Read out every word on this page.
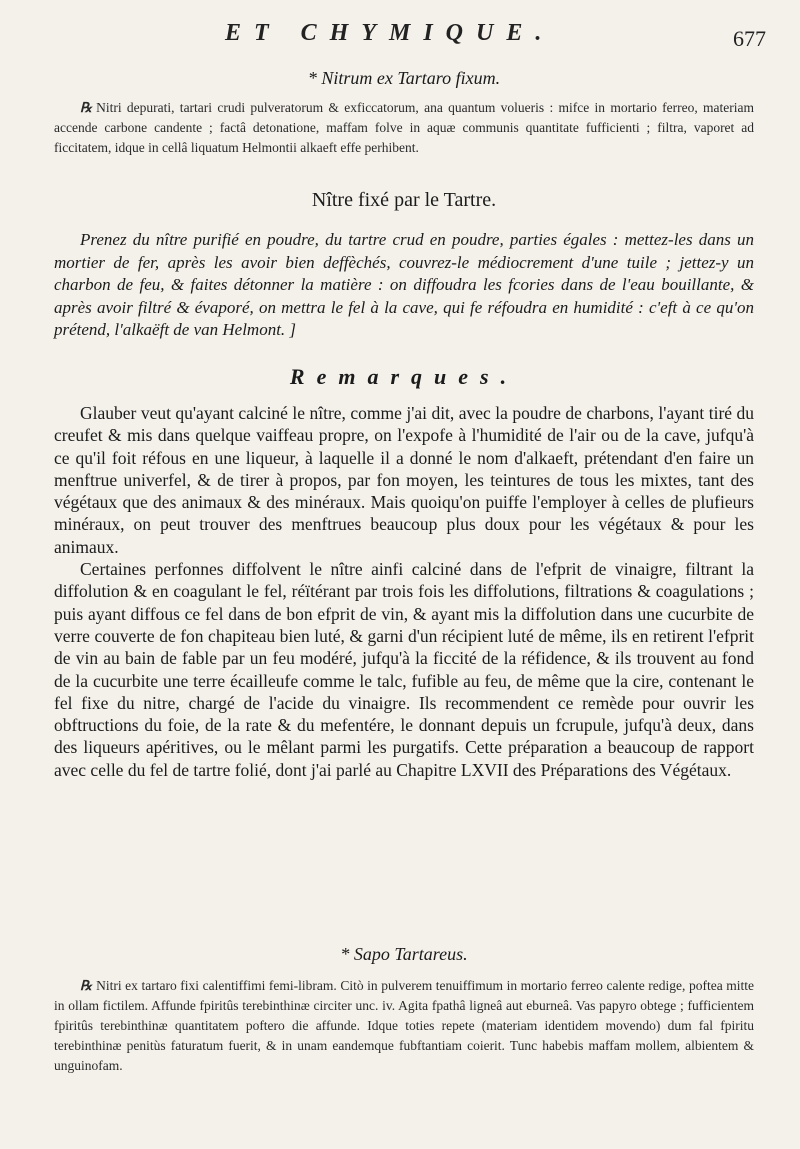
ET CHYMIQUE.	677

* Nitrum ex Tartaro fixum.

℞ Nitri depurati, tartari crudi pulveratorum & exficcatorum, ana quantum volueris : mifce in mortario ferreo, materiam accende carbone candente ; factâ detonatione, maffam folve in aquæ communis quantitate fufficienti ; filtra, vaporet ad ficcitatem, idque in cellâ liquatum Helmontii alkaeft effe perhibent.

Nître fixé par le Tartre.

Prenez du nître purifié en poudre, du tartre crud en poudre, parties égales : mettez-les dans un mortier de fer, après les avoir bien deffèchés, couvrez-le médiocrement d'une tuile ; jettez-y un charbon de feu, & faites détonner la matière : on diffoudra les fcories dans de l'eau bouillante, & après avoir filtré & évaporé, on mettra le fel à la cave, qui fe réfoudra en humidité : c'eft à ce qu'on prétend, l'alkaëft de van Helmont. ]

Remarques.

Glauber veut qu'ayant calciné le nître, comme j'ai dit, avec la poudre de charbons, l'ayant tiré du creufet & mis dans quelque vaiffeau propre, on l'expofe à l'humidité de l'air ou de la cave, jufqu'à ce qu'il foit réfous en une liqueur, à laquelle il a donné le nom d'alkaeft, prétendant d'en faire un menftrue univerfel, & de tirer à propos, par fon moyen, les teintures de tous les mixtes, tant des végétaux que des animaux & des minéraux. Mais quoiqu'on puiffe l'employer à celles de plufieurs minéraux, on peut trouver des menftrues beaucoup plus doux pour les végétaux & pour les animaux.

Certaines perfonnes diffolvent le nître ainfi calciné dans de l'efprit de vinaigre, filtrant la diffolution & en coagulant le fel, réïtérant par trois fois les diffolutions, filtrations & coagulations ; puis ayant diffous ce fel dans de bon efprit de vin, & ayant mis la diffolution dans une cucurbite de verre couverte de fon chapiteau bien luté, & garni d'un récipient luté de même, ils en retirent l'efprit de vin au bain de fable par un feu modéré, jufqu'à la ficcité de la réfidence, & ils trouvent au fond de la cucurbite une terre écailleufe comme le talc, fufible au feu, de même que la cire, contenant le fel fixe du nitre, chargé de l'acide du vinaigre. Ils recommendent ce remède pour ouvrir les obftructions du foie, de la rate & du mefentére, le donnant depuis un fcrupule, jufqu'à deux, dans des liqueurs apéritives, ou le mêlant parmi les purgatifs. Cette préparation a beaucoup de rapport avec celle du fel de tartre folié, dont j'ai parlé au Chapitre LXVII des Préparations des Végétaux.

* Sapo Tartareus.

℞ Nitri ex tartaro fixi calentiffimi femi-libram. Citò in pulverem tenuiffimum in mortario ferreo calente redige, poftea mitte in ollam fictilem. Affunde fpiritûs terebinthinæ circiter unc. iv. Agita fpathâ ligneâ aut eburneâ. Vas papyro obtege ; fufficientem fpiritûs terebinthinæ quantitatem poftero die affunde. Idque toties repete (materiam identidem movendo) dum fal fpiritu terebinthinæ penitùs faturatum fuerit, & in unam eandemque fubftantiam coierit. Tunc habebis maffam mollem, albientem & unguinofam.
